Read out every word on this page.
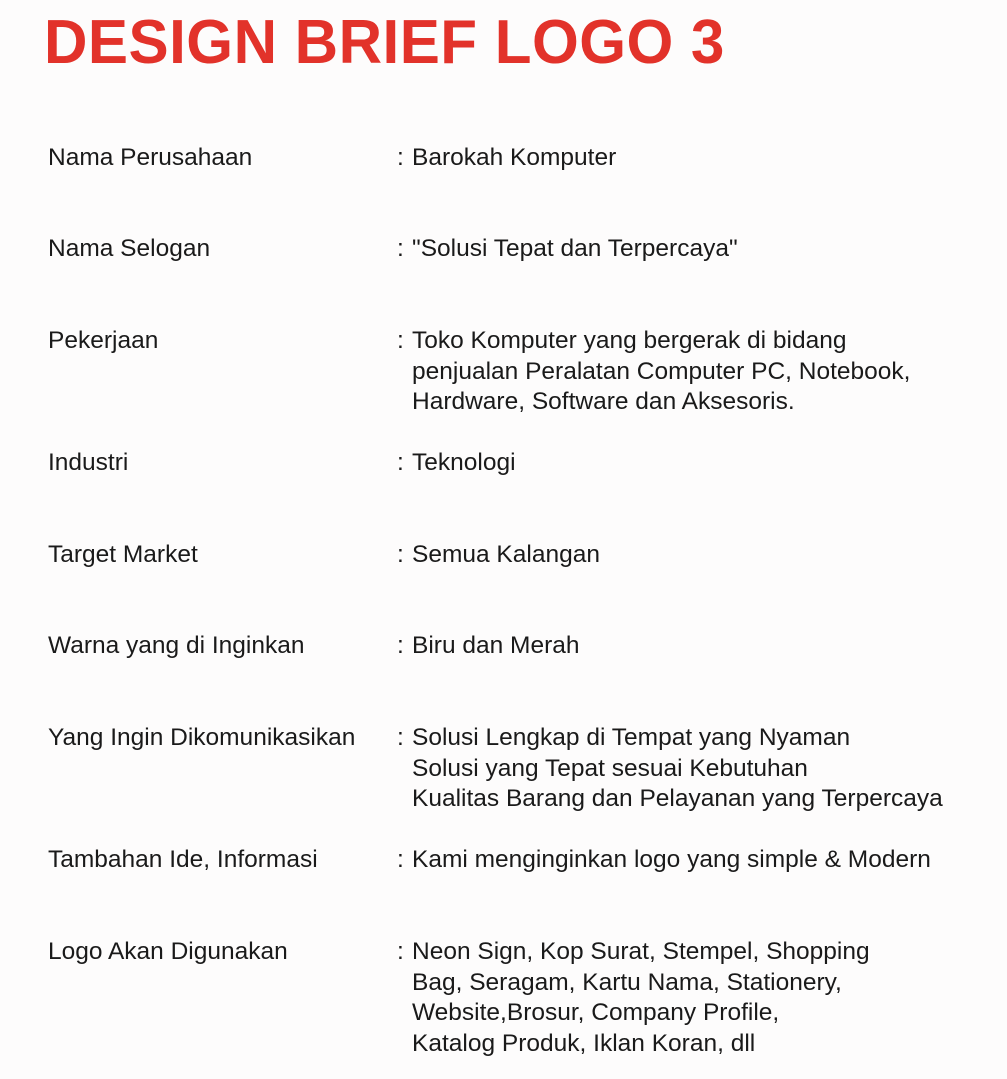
DESIGN BRIEF LOGO 3
Nama Perusahaan	: Barokah Komputer
Nama Selogan	: "Solusi Tepat dan Terpercaya"
Pekerjaan	: Toko Komputer yang bergerak di bidang
penjualan Peralatan Computer PC, Notebook,
Hardware, Software dan Aksesoris.
Industri	: Teknologi
Target Market	: Semua Kalangan
Warna yang di Inginkan	: Biru dan Merah
Yang Ingin Dikomunikasikan : Solusi Lengkap di Tempat yang Nyaman
Solusi yang Tepat sesuai Kebutuhan
Kualitas Barang dan Pelayanan yang Terpercaya
Tambahan Ide, Informasi	: Kami menginginkan logo yang simple & Modern
Logo Akan Digunakan	: Neon Sign, Kop Surat, Stempel, Shopping
Bag, Seragam, Kartu Nama, Stationery,
Website,Brosur, Company Profile,
Katalog Produk, Iklan Koran, dll
